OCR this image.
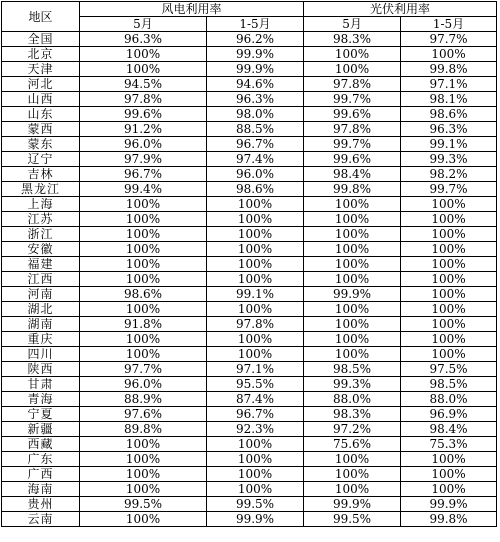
地区	风电利用率		光伏利用率	
	5月	1-5月	5月	1-5月
全国	96.3%	96.2%	98.3%	97.7%
北京	100%	99.9%	100%	100%
天津	100%	99.9%	100%	99.8%
河北	94.5%	94.6%	97.8%	97.1%
山西	97.8%	96.3%	99.7%	98.1%
山东	99.6%	98.0%	99.6%	98.6%
蒙西	91.2%	88.5%	97.8%	96.3%
蒙东	96.0%	96.7%	99.7%	99.1%
辽宁	97.9%	97.4%	99.6%	99.3%
吉林	96.7%	96.0%	98.4%	98.2%
黑龙江	99.4%	98.6%	99.8%	99.7%
上海	100%	100%	100%	100%
江苏	100%	100%	100%	100%
浙江	100%	100%	100%	100%
安徽	100%	100%	100%	100%
福建	100%	100%	100%	100%
江西	100%	100%	100%	100%
河南	98.6%	99.1%	99.9%	100%
湖北	100%	100%	100%	100%
湖南	91.8%	97.8%	100%	100%
重庆	100%	100%	100%	100%
四川	100%	100%	100%	100%
陕西	97.7%	97.1%	98.5%	97.5%
甘肃	96.0%	95.5%	99.3%	98.5%
青海	88.9%	87.4%	88.0%	88.0%
宁夏	97.6%	96.7%	98.3%	96.9%
新疆	89.8%	92.3%	97.2%	98.4%
西藏	100%	100%	75.6%	75.3%
广东	100%	100%	100%	100%
广西	100%	100%	100%	100%
海南	100%	100%	100%	100%
贵州	99.5%	99.5%	99.9%	99.9%
云南	100%	99.9%	99.5%	99.8%
